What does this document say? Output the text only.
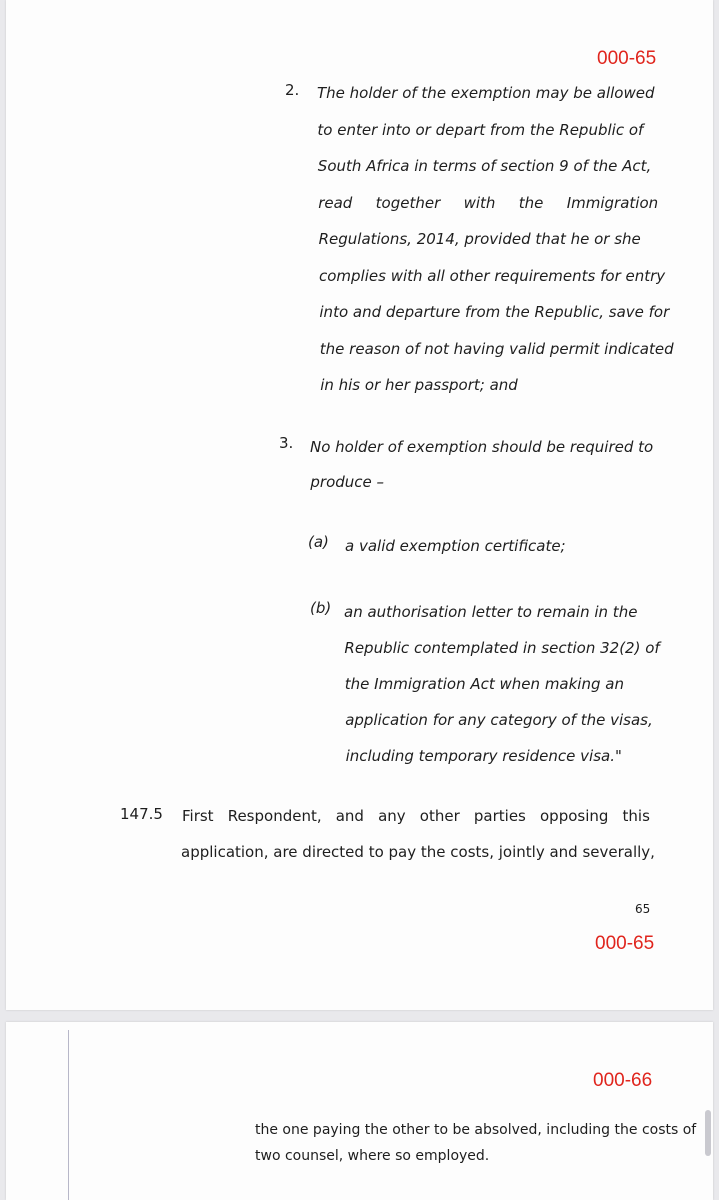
000-65
2.
3.
(a) a valid exemption certificate;
(b)
147.5 First Respondent, and any other parties opposing this
application, are directed to pay the costs, jointly and severally,
65
000-65
The holder of the exemption may be allowed
to enter into or depart from the Republic of
South Africa in terms of section 9 of the Act,
read together with the Immigration
Regulations, 2014, provided that he or she
complies with all other requirements for entry
into and departure from the Republic, save for
the reason of not having valid permit indicated
in his or her passport; and
No holder of exemption should be required to
produce –
an authorisation letter to remain in the
Republic contemplated in section 32(2) of
the Immigration Act when making an
application for any category of the visas,
including temporary residence visa."
000-66
the one paying the other to be absolved, including the costs of
two counsel, where so employed.
